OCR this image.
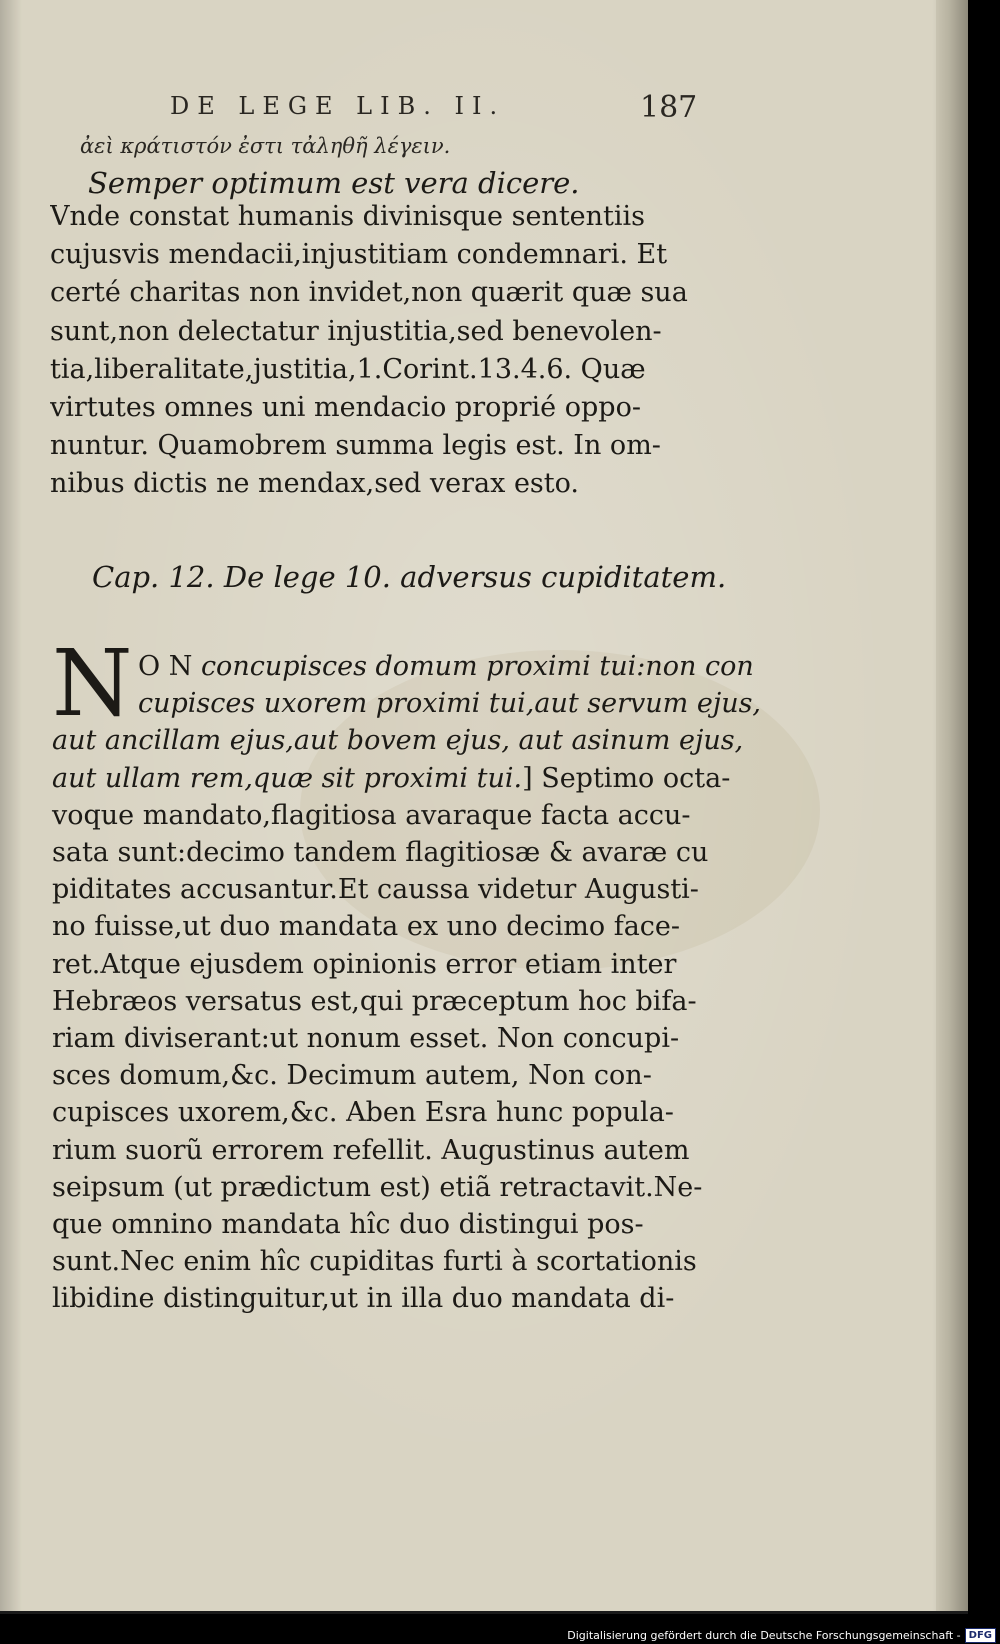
DE LEGE LIB. II.	187
ἀεὶ κράτιστόν ἐστι τἀληθῆ λέγειν.
Semper optimum est vera dicere.
Vnde constat humanis divinisque sententiis
cujusvis mendacii,injustitiam condemnari. Et
certé charitas non invidet,non quærit quæ sua
sunt,non delectatur injustitia,sed benevolen-
tia,liberalitate,justitia,1.Corint.13.4.6. Quæ
virtutes omnes uni mendacio proprié oppo-
nuntur. Quamobrem summa legis est. In om-
nibus dictis ne mendax,sed verax esto.
Cap. 12. De lege 10. adversus cupiditatem.
N O N concupisces domum proximi tui:non con
cupisces uxorem proximi tui,aut servum ejus,
aut ancillam ejus,aut bovem ejus, aut asinum ejus,
aut ullam rem,quæ sit proximi tui.] Septimo octa-
voque mandato,flagitiosa avaraque facta accu-
sata sunt:decimo tandem flagitiosæ & avaræ cu
piditates accusantur.Et caussa videtur Augusti-
no fuisse,ut duo mandata ex uno decimo face-
ret.Atque ejusdem opinionis error etiam inter
Hebræos versatus est,qui præceptum hoc bifa-
riam diviserant:ut nonum esset. Non concupi-
sces domum,&c. Decimum autem, Non con-
cupisces uxorem,&c. Aben Esra hunc popula-
rium suorũ errorem refellit. Augustinus autem
seipsum (ut prædictum est) etiã retractavit.Ne-
que omnino mandata hîc duo distingui pos-
sunt.Nec enim hîc cupiditas furti à scortationis
libidine distinguitur,ut in illa duo mandata di-
Digitalisierung gefördert durch die Deutsche Forschungsgemeinschaft - DFG
